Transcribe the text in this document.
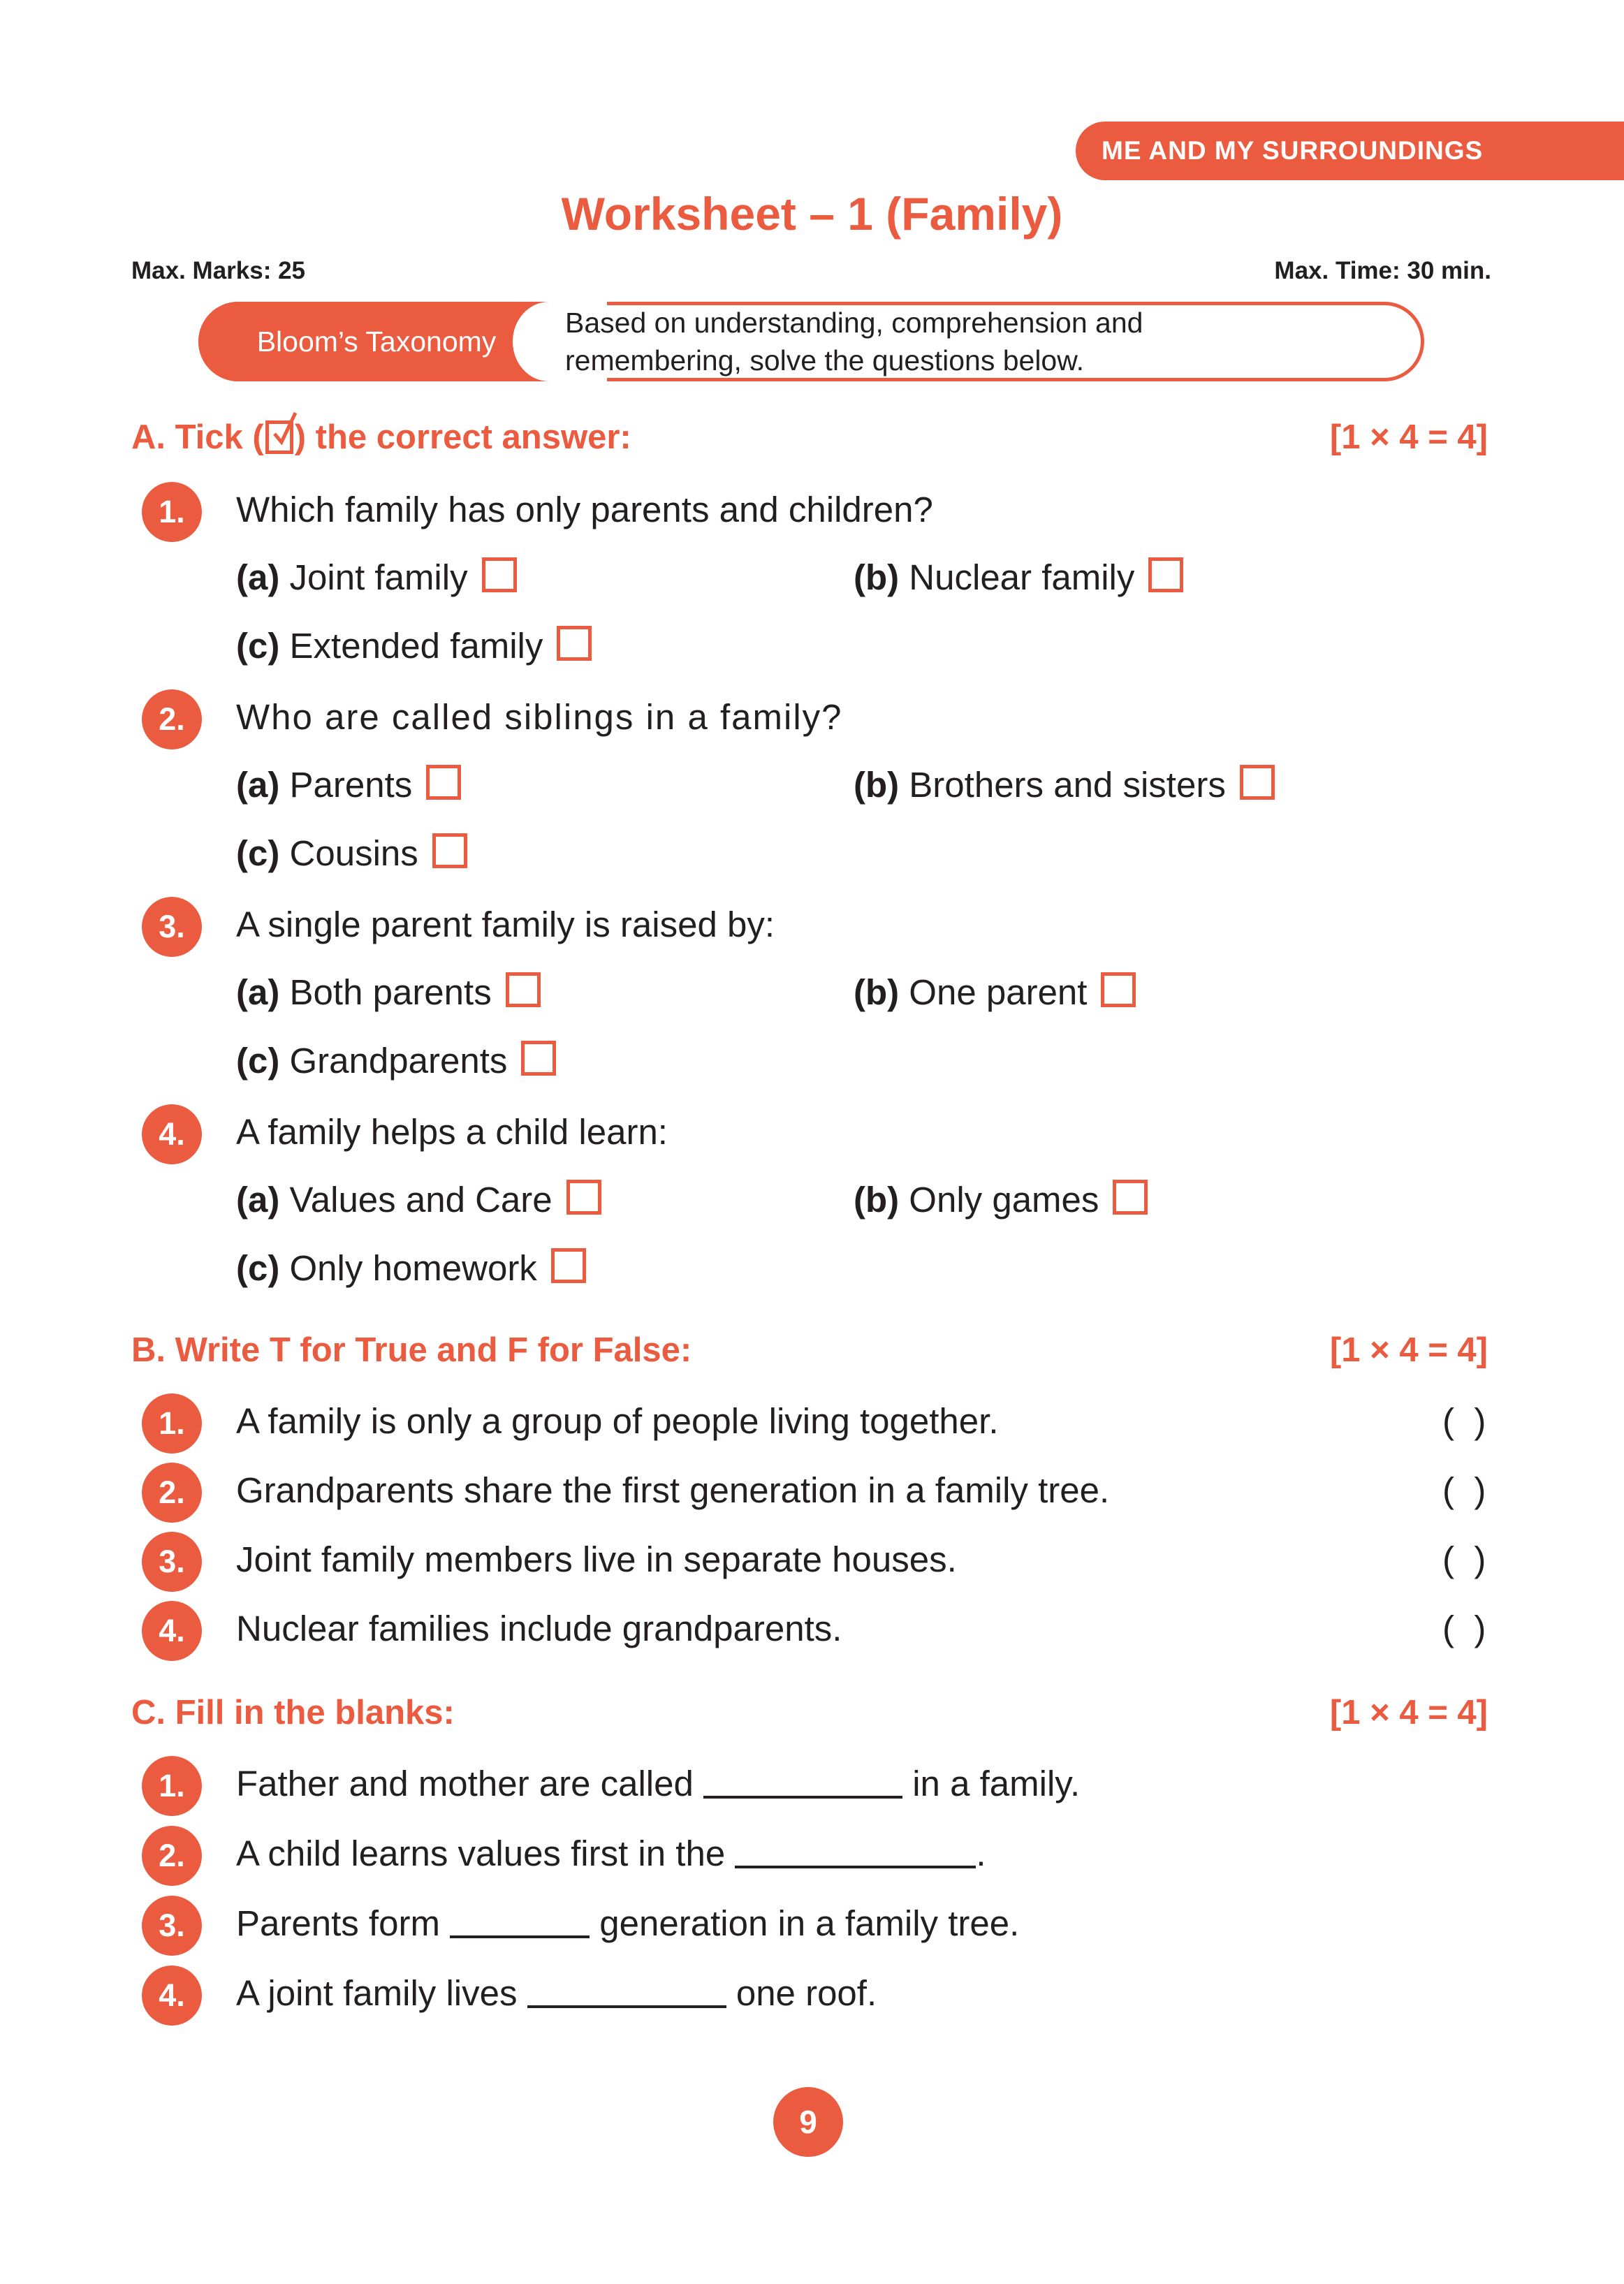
ME AND MY SURROUNDINGS
Worksheet – 1 (Family)
Max. Marks: 25	Max. Time: 30 min.
Bloom’s Taxonomy
Based on understanding, comprehension and
remembering, solve the questions below.
A. Tick ( ) the correct answer:	[1 × 4 = 4]
1.	Which family has only parents and children?
(a) Joint family	(b) Nuclear family
(c) Extended family
2.	Who are called siblings in a family?
(a) Parents	(b) Brothers and sisters
(c) Cousins
3.	A single parent family is raised by:
(a) Both parents	(b) One parent
(c) Grandparents
4.	A family helps a child learn:
(a) Values and Care	(b) Only games
(c) Only homework
B. Write T for True and F for False:	[1 × 4 = 4]
1.	A family is only a group of people living together.	(  )
2.	Grandparents share the first generation in a family tree.	(  )
3.	Joint family members live in separate houses.	(  )
4.	Nuclear families include grandparents.	(  )
C. Fill in the blanks:	[1 × 4 = 4]
1.	Father and mother are called	in a family.
2.	A child learns values first in the	.
3.	Parents form	generation in a family tree.
4.	A joint family lives	one roof.
9
